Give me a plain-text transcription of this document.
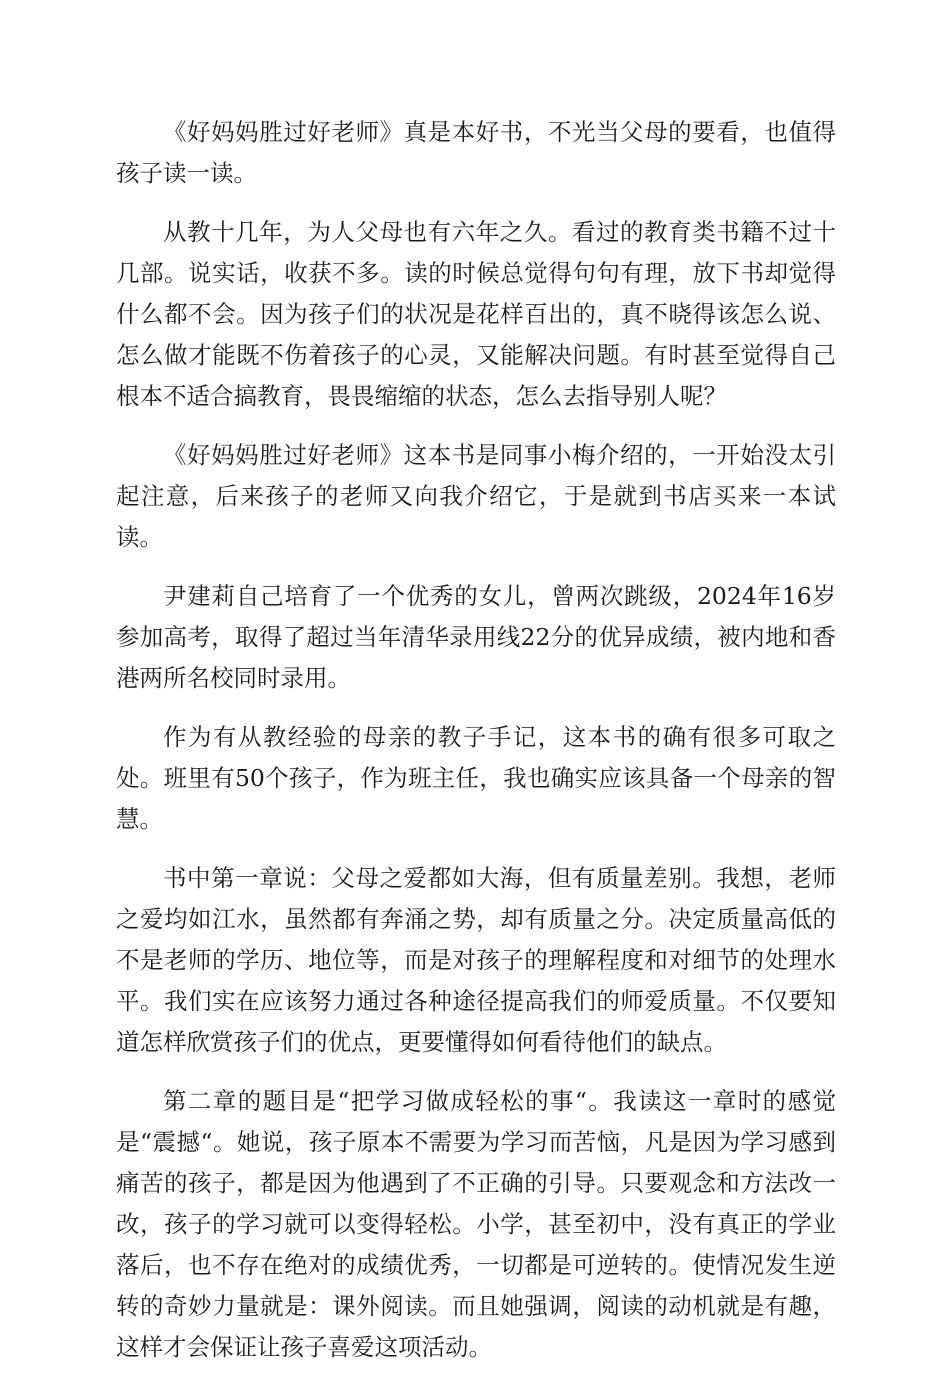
《好妈妈胜过好老师》真是本好书，不光当父母的要看，也值得孩子读一读。

从教十几年，为人父母也有六年之久。看过的教育类书籍不过十几部。说实话，收获不多。读的时候总觉得句句有理，放下书却觉得什么都不会。因为孩子们的状况是花样百出的，真不晓得该怎么说、怎么做才能既不伤着孩子的心灵，又能解决问题。有时甚至觉得自己根本不适合搞教育，畏畏缩缩的状态，怎么去指导别人呢？

《好妈妈胜过好老师》这本书是同事小梅介绍的，一开始没太引起注意，后来孩子的老师又向我介绍它，于是就到书店买来一本试读。

尹建莉自己培育了一个优秀的女儿，曾两次跳级，2024年16岁参加高考，取得了超过当年清华录用线22分的优异成绩，被内地和香港两所名校同时录用。

作为有从教经验的母亲的教子手记，这本书的确有很多可取之处。班里有50个孩子，作为班主任，我也确实应该具备一个母亲的智慧。

书中第一章说：父母之爱都如大海，但有质量差别。我想，老师之爱均如江水，虽然都有奔涌之势，却有质量之分。决定质量高低的不是老师的学历、地位等，而是对孩子的理解程度和对细节的处理水平。我们实在应该努力通过各种途径提高我们的师爱质量。不仅要知道怎样欣赏孩子们的优点，更要懂得如何看待他们的缺点。

第二章的题目是“把学习做成轻松的事“。我读这一章时的感觉是“震撼“。她说，孩子原本不需要为学习而苦恼，凡是因为学习感到痛苦的孩子，都是因为他遇到了不正确的引导。只要观念和方法改一改，孩子的学习就可以变得轻松。小学，甚至初中，没有真正的学业落后，也不存在绝对的成绩优秀，一切都是可逆转的。使情况发生逆转的奇妙力量就是：课外阅读。而且她强调，阅读的动机就是有趣，这样才会保证让孩子喜爱这项活动。
